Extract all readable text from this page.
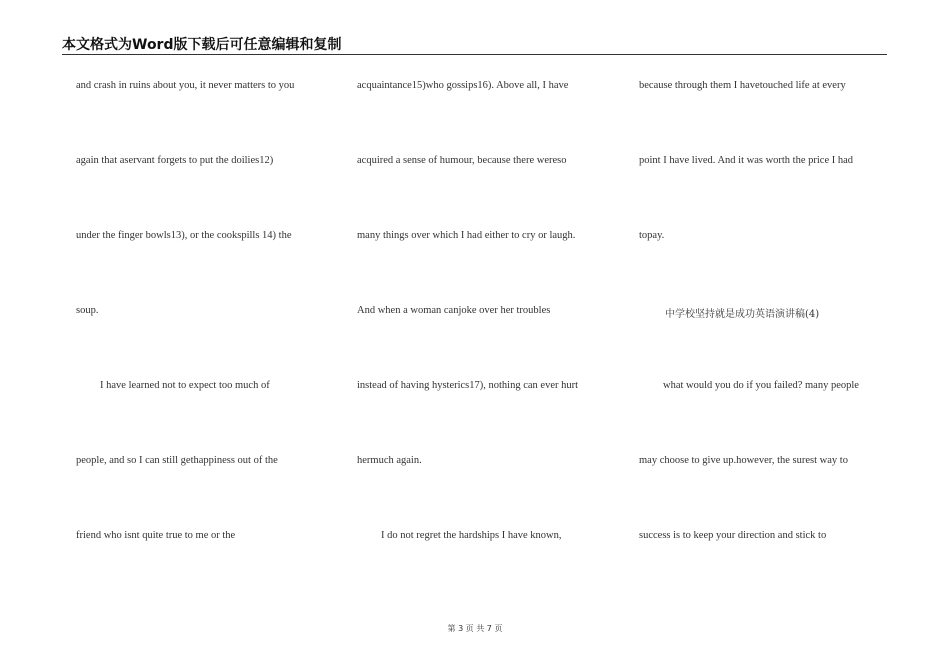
本文格式为Word版下载后可任意编辑和复制
and crash in ruins about you, it never matters to you
again that aservant forgets to put the doilies12)
under the finger bowls13), or the cookspills 14) the
soup.
I have learned not to expect too much of
people, and so I can still gethappiness out of the
friend who isnt quite true to me or the
acquaintance15)who gossips16). Above all, I have
acquired a sense of humour, because there wereso
many things over which I had either to cry or laugh.
And when a woman canjoke over her troubles
instead of having hysterics17), nothing can ever hurt
hermuch again.
I do not regret the hardships I have known,
because through them I havetouched life at every
point I have lived. And it was worth the price I had
topay.
中学校坚持就是成功英语演讲稿(4)
what would you do if you failed? many people
may choose to give up.however, the surest way to
success is to keep your direction and stick to
第 3 页 共 7 页
